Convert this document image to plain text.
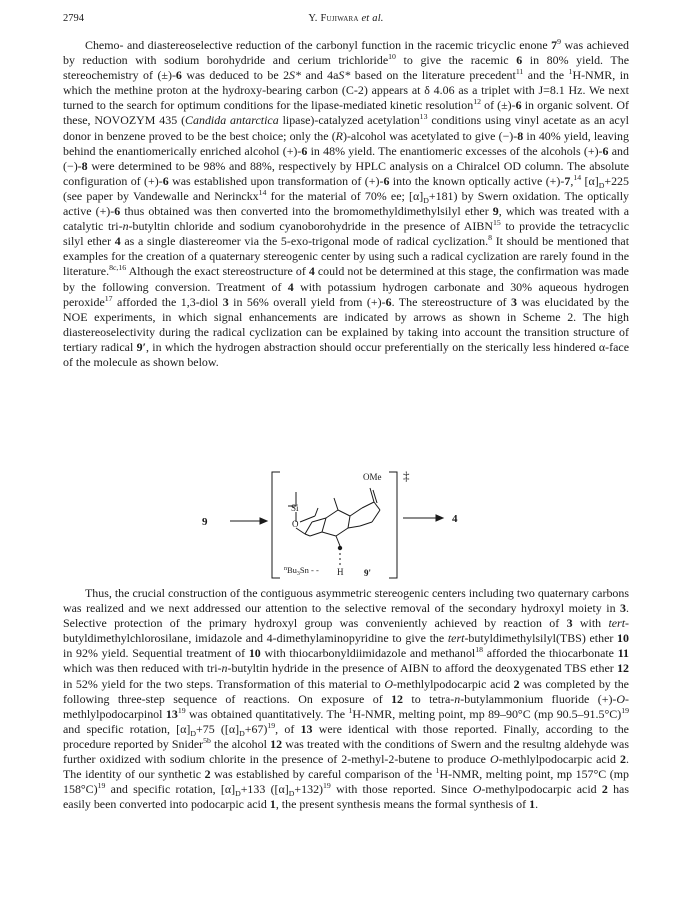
2794	Y. Fujiwara et al.

Chemo- and diastereoselective reduction of the carbonyl function in the racemic tricyclic enone $7^9$ was achieved by reduction with sodium borohydride and cerium trichloride$^{10}$ to give the racemic 6 in 80% yield. The stereochemistry of (±)-6 was deduced to be 2S* and 4aS* based on the literature precedent$^{11}$ and the $^1$H-NMR, in which the methine proton at the hydroxy-bearing carbon (C-2) appears at δ 4.06 as a triplet with J=8.1 Hz. We next turned to the search for optimum conditions for the lipase-mediated kinetic resolution$^{12}$ of (±)-6 in organic solvent. Of these, NOVOZYM 435 (Candida antarctica lipase)-catalyzed acetylation$^{13}$ conditions using vinyl acetate as an acyl donor in benzene proved to be the best choice; only the (R)-alcohol was acetylated to give (−)-8 in 40% yield, leaving behind the enantiomerically enriched alcohol (+)-6 in 48% yield. The enantiomeric excesses of the alcohols (+)-6 and (−)-8 were determined to be 98% and 88%, respectively by HPLC analysis on a Chiralcel OD column. The absolute configuration of (+)-6 was established upon transformation of (+)-6 into the known optically active (+)-7,14 $[\alpha]_D+225$ (see paper by Vandewalle and Nerinckx$^{14}$ for the material of 70% ee; $[\alpha]_D+181$) by Swern oxidation. The optically active (+)-6 thus obtained was then converted into the bromomethyldimethylsilyl ether 9, which was treated with a catalytic tri-n-butyltin chloride and sodium cyanoborohydride in the presence of AIBN$^{15}$ to provide the tetracyclic silyl ether 4 as a single diastereomer via the 5-exo-trigonal mode of radical cyclization.$^8$ It should be mentioned that examples for the creation of a quaternary stereogenic center by using such a radical cyclization are rarely found in the literature.$^{8c,16}$ Although the exact stereostructure of 4 could not be determined at this stage, the confirmation was made by the following conversion. Treatment of 4 with potassium hydrogen carbonate and 30% aqueous hydrogen peroxide$^{17}$ afforded the 1,3-diol 3 in 56% overall yield from (+)-6. The stereostructure of 3 was elucidated by the NOE experiments, in which signal enhancements are indicated by arrows as shown in Scheme 2. The high diastereoselectivity during the radical cyclization can be explained by taking into account the transition structure of tertiary radical 9′, in which the hydrogen abstraction should occur preferentially on the sterically less hindered α-face of the molecule as shown below.

9	4
OMe
Si
O
$^nBu_3Sn$ - - H 9'
‡

Thus, the crucial construction of the contiguous asymmetric stereogenic centers including two quaternary carbons was realized and we next addressed our attention to the selective removal of the secondary hydroxyl moiety in 3. Selective protection of the primary hydroxyl group was conveniently achieved by reaction of 3 with tert-butyldimethylchlorosilane, imidazole and 4-dimethylaminopyridine to give the tert-butyldimethylsilyl(TBS) ether 10 in 92% yield. Sequential treatment of 10 with thiocarbonyldiimidazole and methanol$^{18}$ afforded the thiocarbonate 11 which was then reduced with tri-n-butyltin hydride in the presence of AIBN to afford the deoxygenated TBS ether 12 in 52% yield for the two steps. Transformation of this material to O-methlylpodocarpic acid 2 was completed by the following three-step sequence of reactions. On exposure of 12 to tetra-n-butylammonium fluoride (+)-O-methlylpodocarpinol $13^{19}$ was obtained quantitatively. The $^1$H-NMR, melting point, mp 89–90°C (mp 90.5–91.5°C)$^{19}$ and specific rotation, $[\alpha]_D+75$ $([\alpha]_D+67)^{19}$, of 13 were identical with those reported. Finally, according to the procedure reported by Snider$^{5b}$ the alcohol 12 was treated with the conditions of Swern and the resultng aldehyde was further oxidized with sodium chlorite in the presence of 2-methyl-2-butene to produce O-methlylpodocarpic acid 2. The identity of our synthetic 2 was established by careful comparison of the $^1$H-NMR, melting point, mp 157°C (mp 158°C)$^{19}$ and specific rotation, $[\alpha]_D+133$ $([\alpha]_D+132)^{19}$ with those reported. Since O-methylpodocarpic acid 2 has easily been converted into podocarpic acid 1, the present synthesis means the formal synthesis of 1.
